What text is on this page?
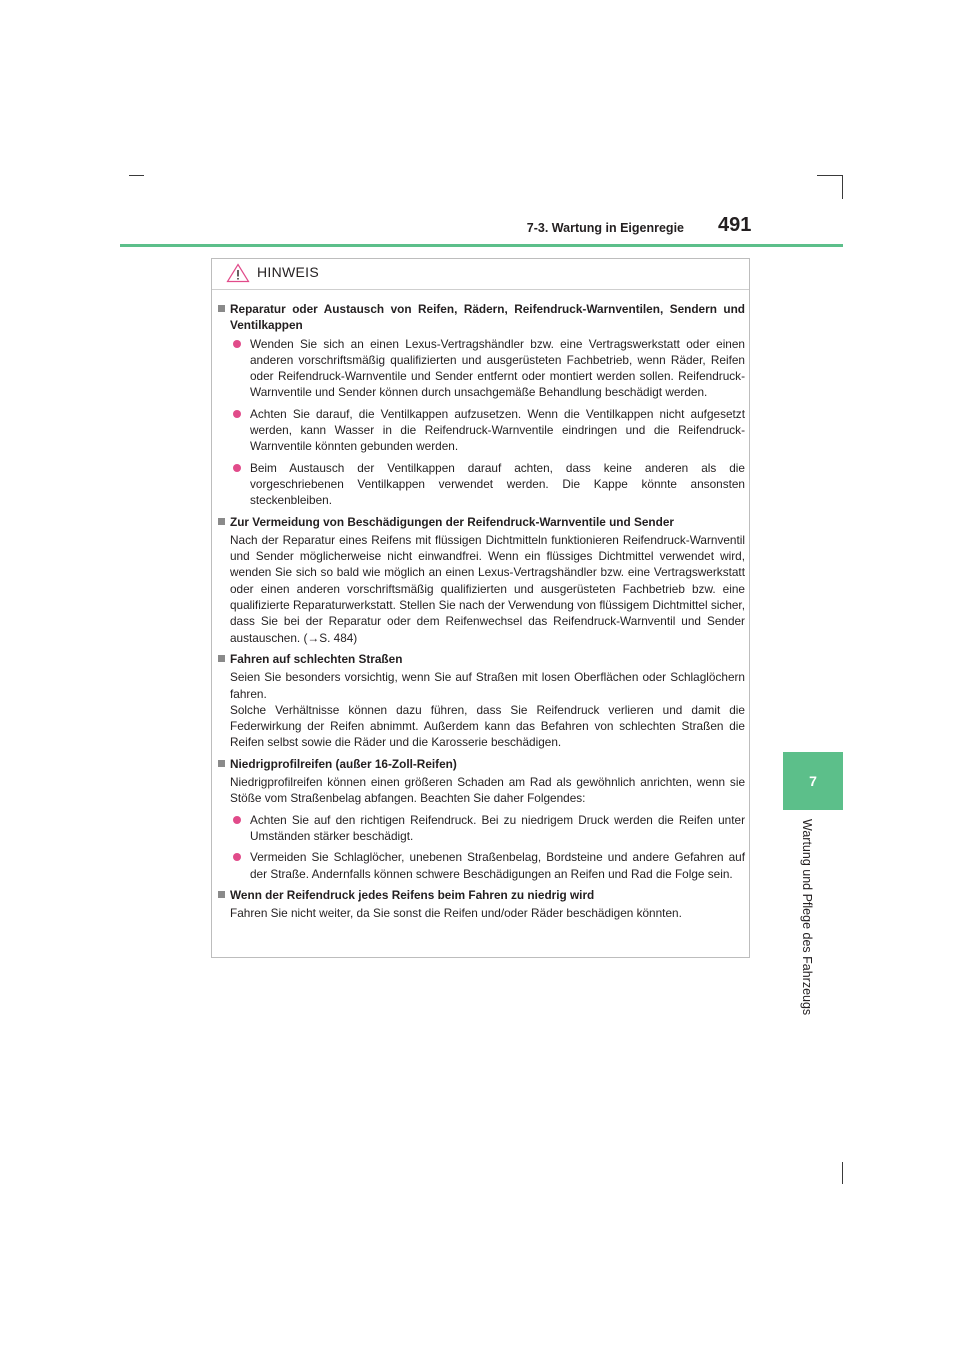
7-3. Wartung in Eigenregie 491
7
Wartung und Pflege des Fahrzeugs
HINWEIS

Reparatur oder Austausch von Reifen, Rädern, Reifendruck-Warnventilen, Sendern und Ventilkappen

Wenden Sie sich an einen Lexus-Vertragshändler bzw. eine Vertragswerkstatt oder einen anderen vorschriftsmäßig qualifizierten und ausgerüsteten Fachbetrieb, wenn Räder, Reifen oder Reifendruck-Warnventile und Sender entfernt oder montiert werden sollen. Reifendruck-Warnventile und Sender können durch unsachgemäße Behandlung beschädigt werden.

Achten Sie darauf, die Ventilkappen aufzusetzen. Wenn die Ventilkappen nicht aufgesetzt werden, kann Wasser in die Reifendruck-Warnventile eindringen und die Reifendruck-Warnventile könnten gebunden werden.

Beim Austausch der Ventilkappen darauf achten, dass keine anderen als die vorgeschriebenen Ventilkappen verwendet werden. Die Kappe könnte ansonsten steckenbleiben.

Zur Vermeidung von Beschädigungen der Reifendruck-Warnventile und Sender

Nach der Reparatur eines Reifens mit flüssigen Dichtmitteln funktionieren Reifendruck-Warnventil und Sender möglicherweise nicht einwandfrei. Wenn ein flüssiges Dichtmittel verwendet wird, wenden Sie sich so bald wie möglich an einen Lexus-Vertragshändler bzw. eine Vertragswerkstatt oder einen anderen vorschriftsmäßig qualifizierten und ausgerüsteten Fachbetrieb bzw. eine qualifizierte Reparaturwerkstatt. Stellen Sie nach der Verwendung von flüssigem Dichtmittel sicher, dass Sie bei der Reparatur oder dem Reifenwechsel das Reifendruck-Warnventil und Sender austauschen. (→S. 484)

Fahren auf schlechten Straßen

Seien Sie besonders vorsichtig, wenn Sie auf Straßen mit losen Oberflächen oder Schlaglöchern fahren.

Solche Verhältnisse können dazu führen, dass Sie Reifendruck verlieren und damit die Federwirkung der Reifen abnimmt. Außerdem kann das Befahren von schlechten Straßen die Reifen selbst sowie die Räder und die Karosserie beschädigen.

Niedrigprofilreifen (außer 16-Zoll-Reifen)

Niedrigprofilreifen können einen größeren Schaden am Rad als gewöhnlich anrichten, wenn sie Stöße vom Straßenbelag abfangen. Beachten Sie daher Folgendes:

Achten Sie auf den richtigen Reifendruck. Bei zu niedrigem Druck werden die Reifen unter Umständen stärker beschädigt.

Vermeiden Sie Schlaglöcher, unebenen Straßenbelag, Bordsteine und andere Gefahren auf der Straße. Andernfalls können schwere Beschädigungen an Reifen und Rad die Folge sein.

Wenn der Reifendruck jedes Reifens beim Fahren zu niedrig wird

Fahren Sie nicht weiter, da Sie sonst die Reifen und/oder Räder beschädigen könnten.
